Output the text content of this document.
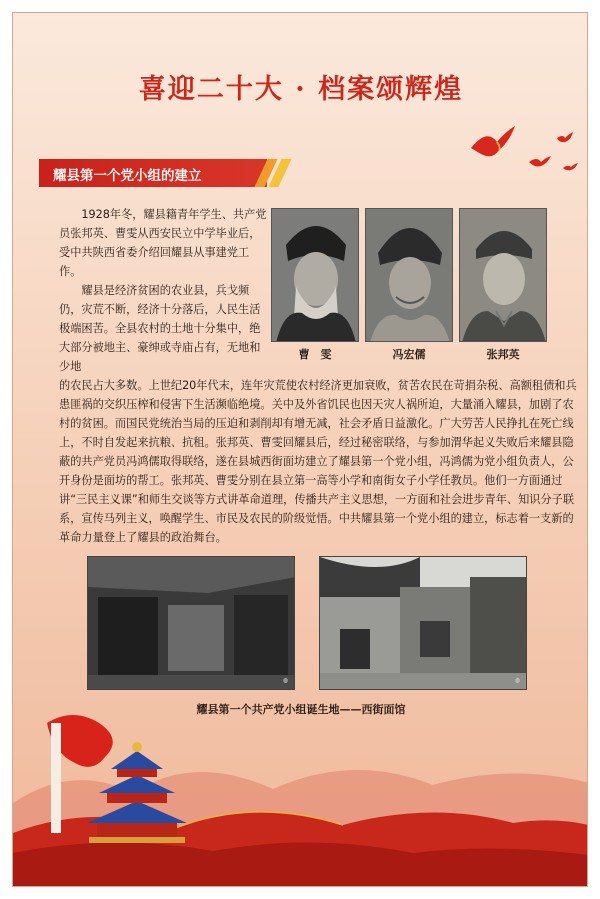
喜迎二十大 · 档案颂辉煌
耀县第一个党小组的建立

1928年冬，耀县籍青年学生、共产党员张邦英、曹雯从西安民立中学毕业后，受中共陕西省委介绍回耀县从事建党工作。

耀县是经济贫困的农业县，兵戈频仍，灾荒不断，经济十分落后，人民生活极端困苦。全县农村的土地十分集中，绝大部分被地主、豪绅或寺庙占有，无地和少地

曹　雯	冯宏儒	张邦英
的农民占大多数。上世纪20年代末，连年灾荒使农村经济更加衰败，贫苦农民在苛捐杂税、高额租债和兵患匪祸的交织压榨和侵害下生活濒临绝境。关中及外省饥民也因天灾人祸所迫，大量涌入耀县，加剧了农村的贫困。而国民党统治当局的压迫和剥削却有增无减，社会矛盾日益激化。广大劳苦人民挣扎在死亡线上，不时自发起来抗粮、抗租。张邦英、曹雯回耀县后，经过秘密联络，与参加渭华起义失败后来耀县隐蔽的共产党员冯鸿儒取得联络，遂在县城西街面坊建立了耀县第一个党小组，冯鸿儒为党小组负责人，公开身份是面坊的帮工。张邦英、曹雯分别在县立第一高等小学和南街女子小学任教员。他们一方面通过讲“三民主义课”和师生交谈等方式讲革命道理，传播共产主义思想，一方面和社会进步青年、知识分子联系，宣传马列主义，唤醒学生、市民及农民的阶级觉悟。中共耀县第一个党小组的建立，标志着一支新的革命力量登上了耀县的政治舞台。
◍	◍
耀县第一个共产党小组诞生地——西街面馆
